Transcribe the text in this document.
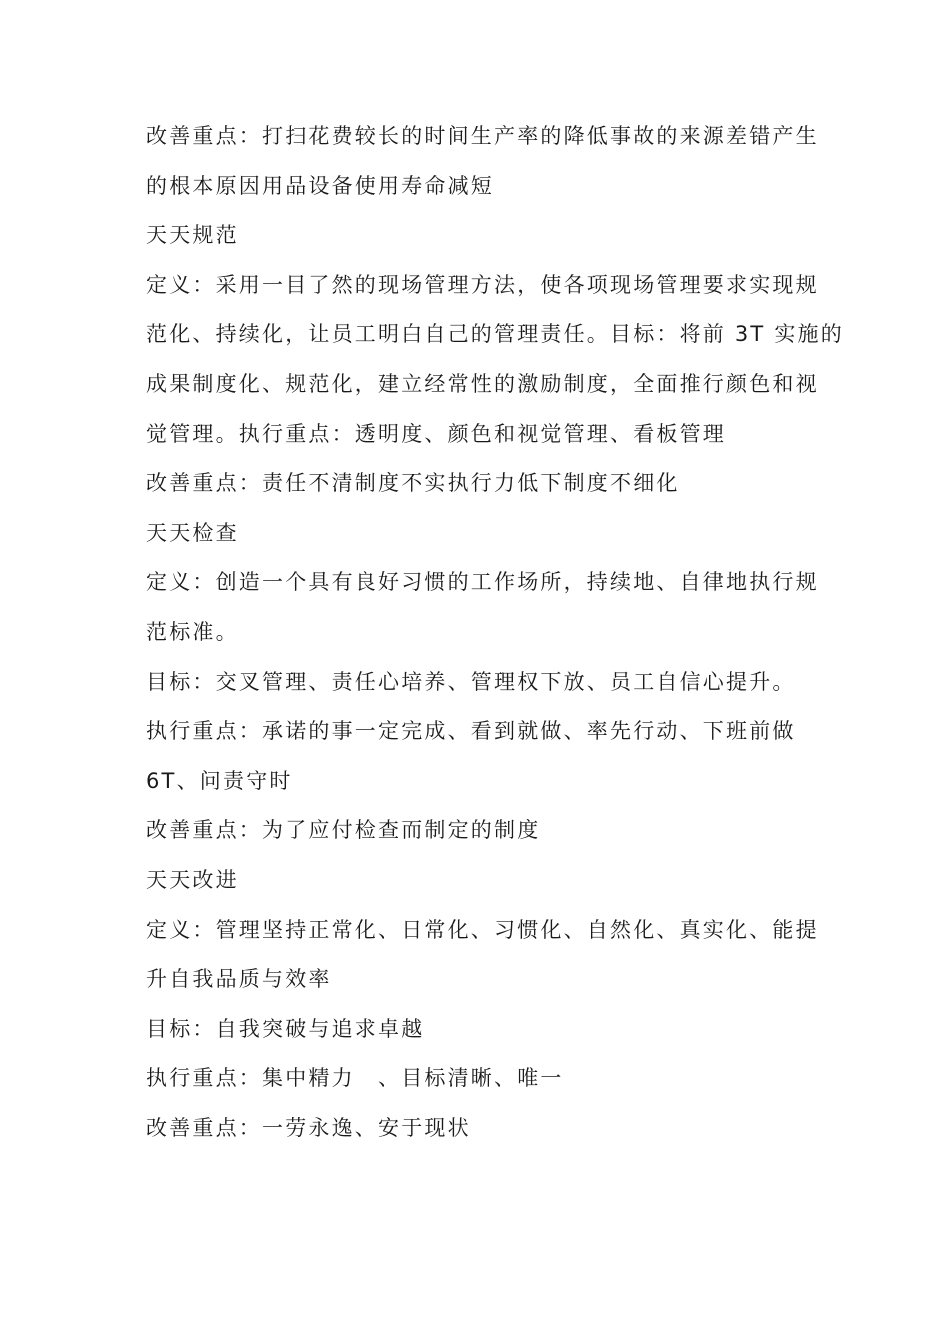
改善重点：打扫花费较长的时间生产率的降低事故的来源差错产生
的根本原因用品设备使用寿命减短
天天规范
定义：采用一目了然的现场管理方法，使各项现场管理要求实现规
范化、持续化，让员工明白自己的管理责任。目标：将前 3T 实施的
成果制度化、规范化，建立经常性的激励制度，全面推行颜色和视
觉管理。执行重点：透明度、颜色和视觉管理、看板管理
改善重点：责任不清制度不实执行力低下制度不细化
天天检查
定义：创造一个具有良好习惯的工作场所，持续地、自律地执行规
范标准。
目标：交叉管理、责任心培养、管理权下放、员工自信心提升。
执行重点：承诺的事一定完成、看到就做、率先行动、下班前做
6T、问责守时
改善重点：为了应付检查而制定的制度
天天改进
定义：管理坚持正常化、日常化、习惯化、自然化、真实化、能提
升自我品质与效率
目标：自我突破与追求卓越
执行重点：集中精力　、目标清晰、唯一
改善重点：一劳永逸、安于现状
